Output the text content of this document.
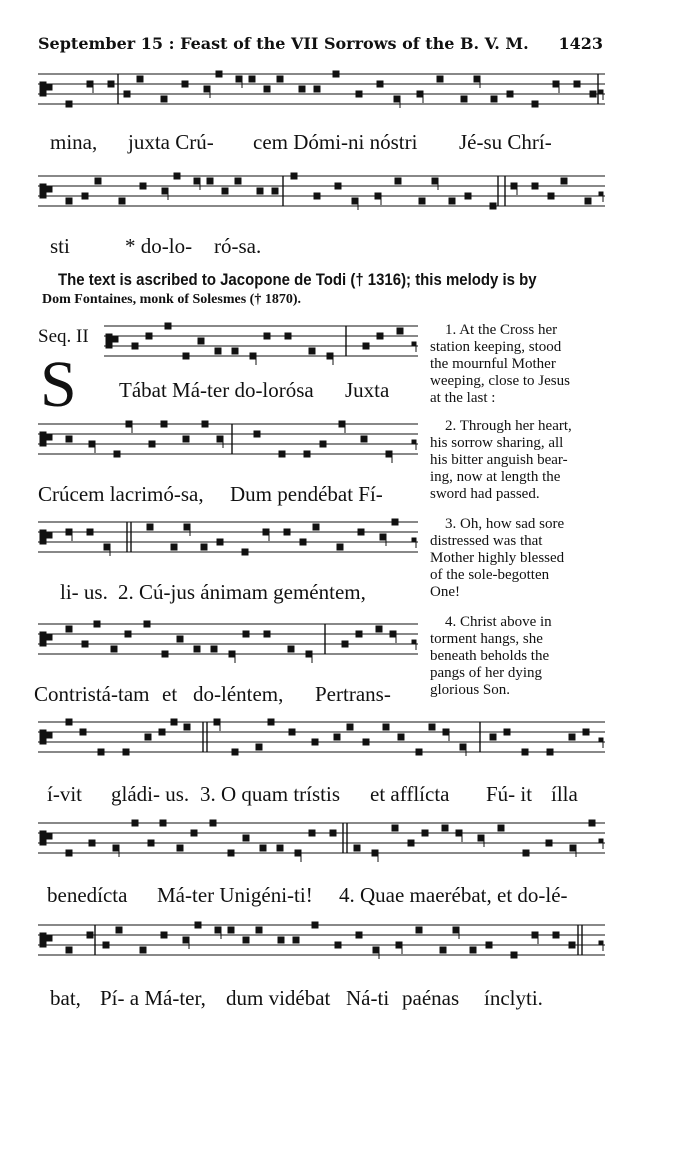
September 15 : Feast of the VII Sorrows of the B. V. M. 1423

mina,

juxta Crú-

cem Dómi-ni nóstri

Jé-su Chrí-

sti

	* do-lo-

ró-sa.

The text is ascribed to Jacopone de Todi († 1316); this melody is by
Dom Fontaines, monk of Solesmes († 1870).
Seq. II
S

Tábat Má-ter do-lorósa

Juxta

Crúcem lacrimó-sa,

Dum pendébat Fí-

li- us.

2. Cú-jus ánimam geméntem,

Contristá-tam

et

do-léntem,

Pertrans-

í-vit

gládi- us.

3. O quam trístis

et afflícta

Fú- it

ílla

benedícta

Má-ter Unigéni-ti!

4. Quae maerébat, et do-lé-

bat,

Pí- a Má-ter,

dum vidébat

Ná-ti

paénas

ínclyti.

 1. At the Cross her
station keeping, stood
the mournful Mother
weeping, close to Jesus
at the last :
 2. Through her heart,
his sorrow sharing, all
his bitter anguish bear-
ing, now at length the
sword had passed.
 3. Oh, how sad sore
distressed was that
Mother highly blessed
of the sole-begotten
One!
 4. Christ above in
torment hangs, she
beneath beholds the
pangs of her dying
glorious Son.
